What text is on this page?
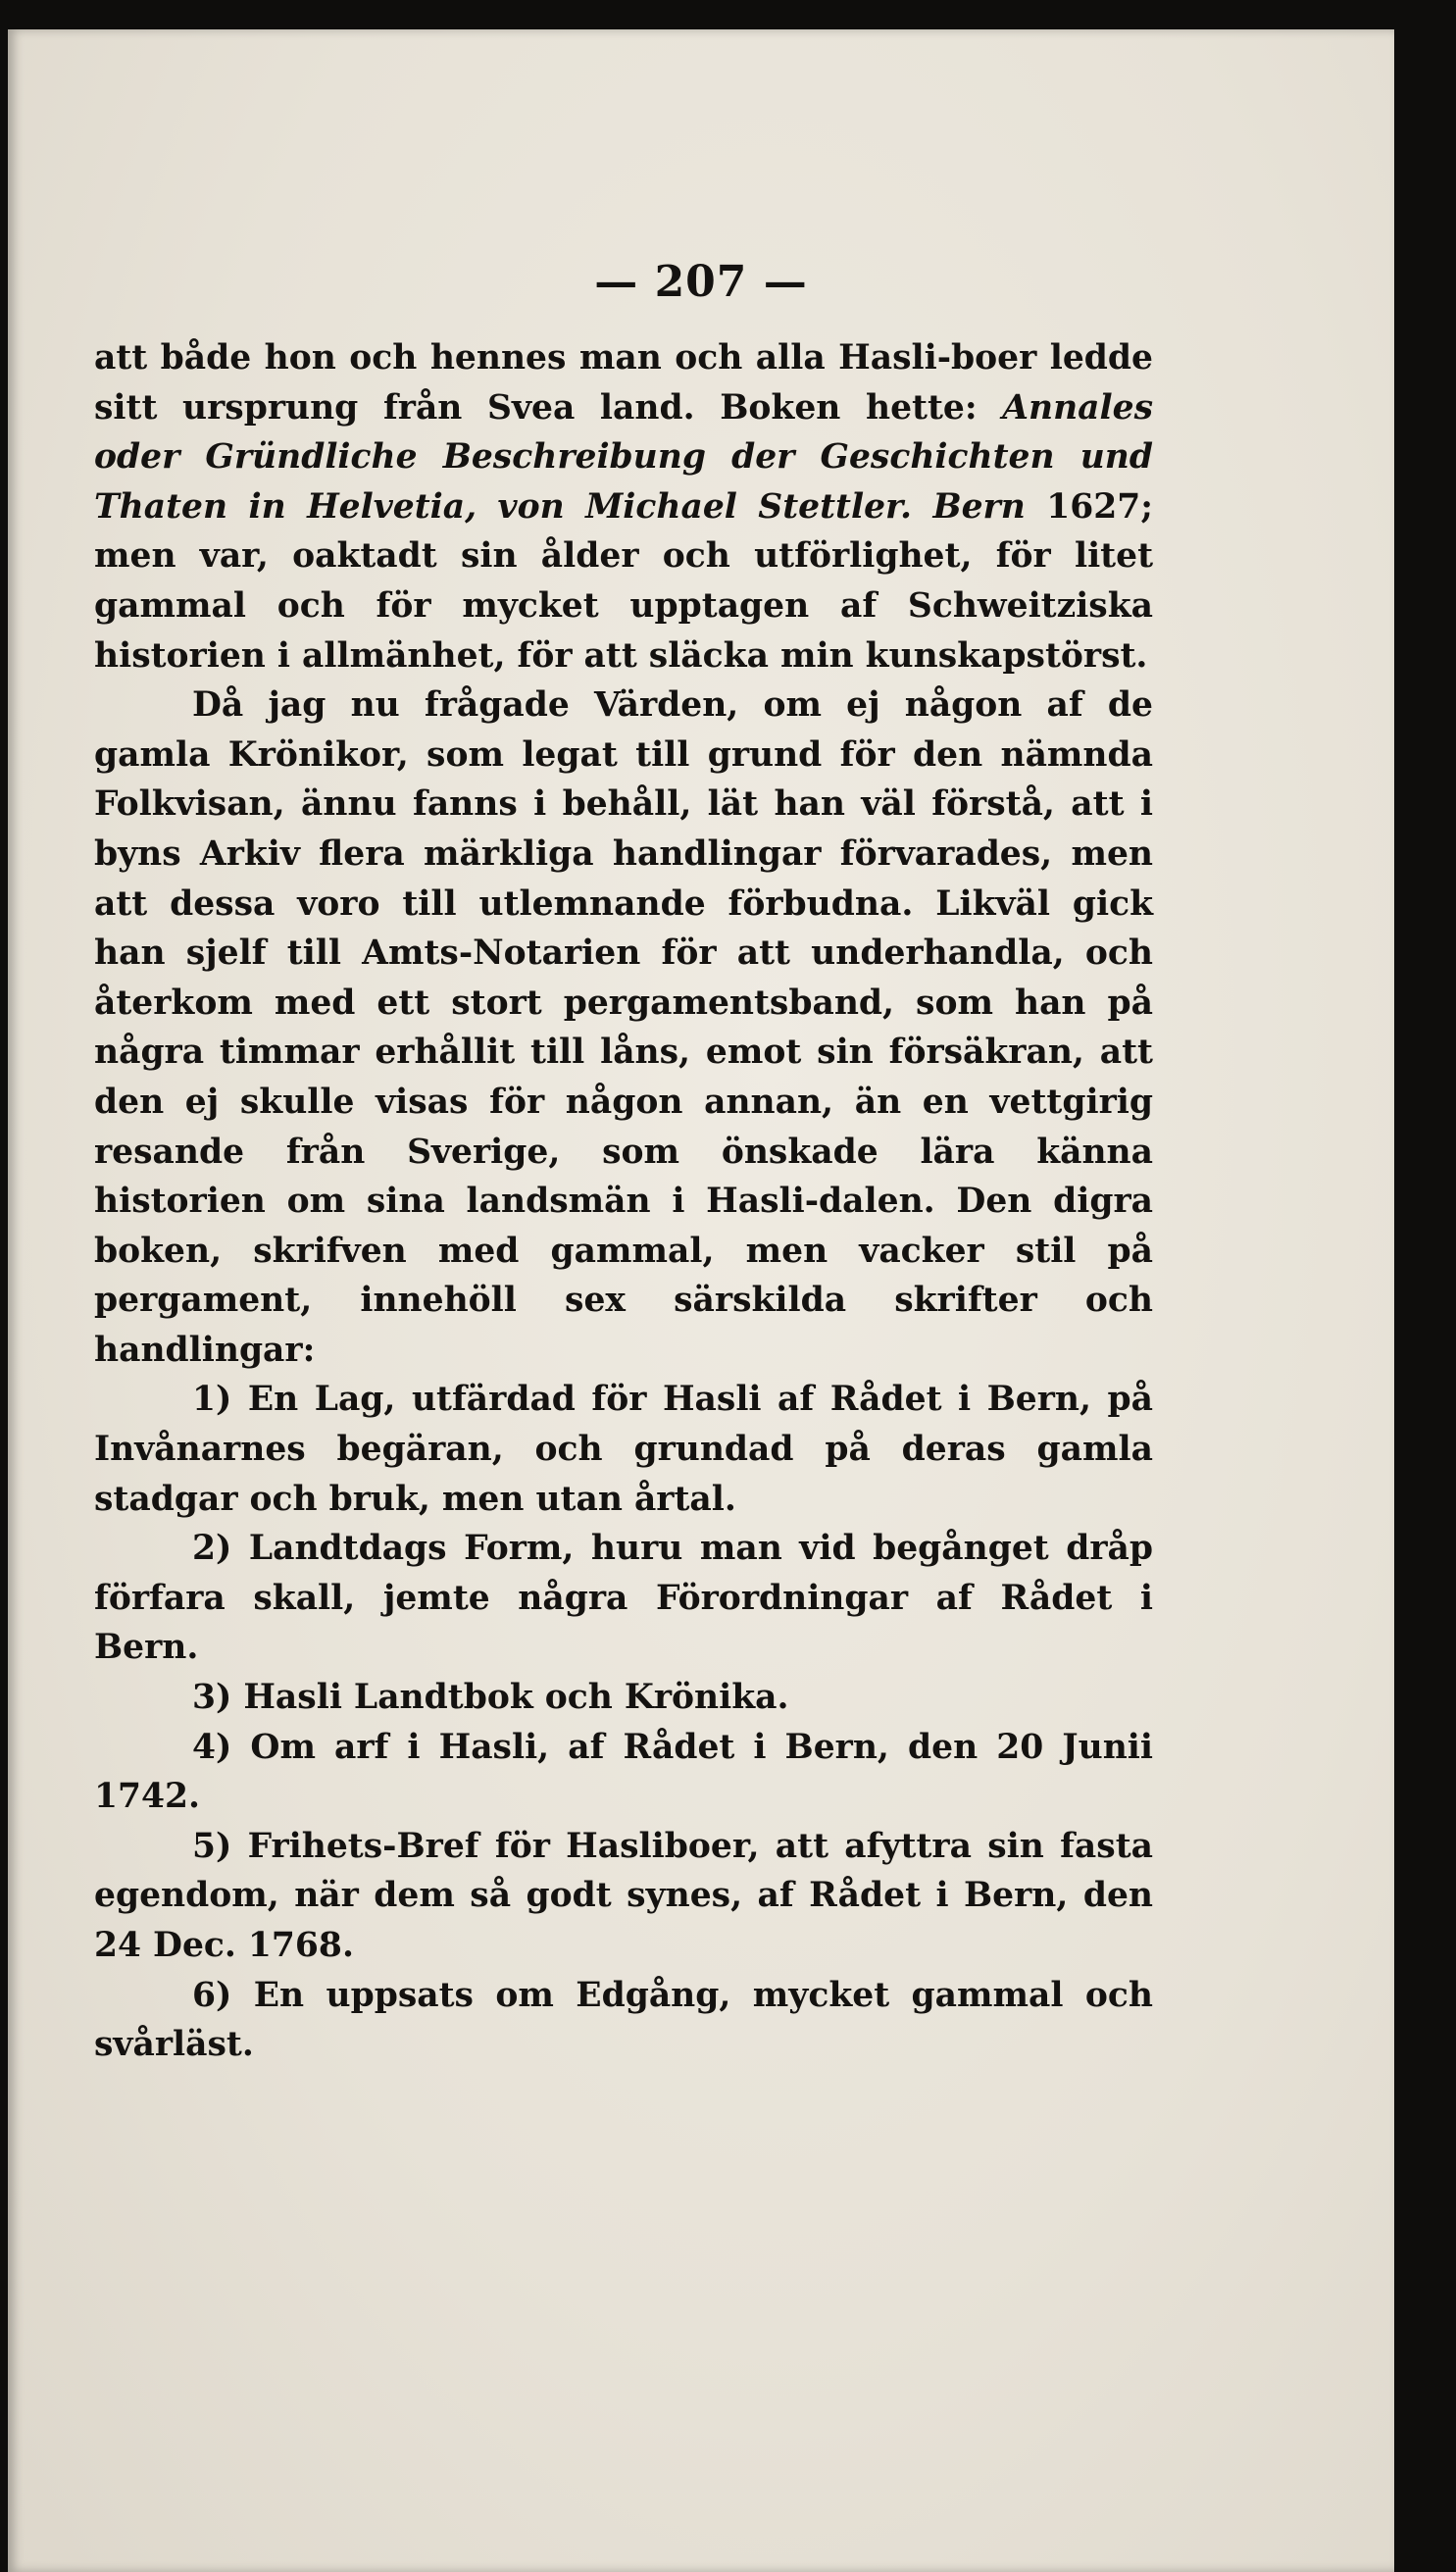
— 207 —

att både hon och hennes man och alla Hasli-boer ledde sitt ursprung från Svea land. Boken hette: Annales oder Gründliche Beschreibung der Geschichten und Thaten in Helvetia, von Michael Stettler. Bern 1627; men var, oaktadt sin ålder och utförlighet, för litet gammal och för mycket upptagen af Schweitziska historien i allmänhet, för att släcka min kunskapstörst.

Då jag nu frågade Värden, om ej någon af de gamla Krönikor, som legat till grund för den nämnda Folkvisan, ännu fanns i behåll, lät han väl förstå, att i byns Arkiv flera märkliga handlingar förvarades, men att dessa voro till utlemnande förbudna. Likväl gick han sjelf till Amts-Notarien för att underhandla, och återkom med ett stort pergamentsband, som han på några timmar erhållit till låns, emot sin försäkran, att den ej skulle visas för någon annan, än en vettgirig resande från Sverige, som önskade lära känna historien om sina landsmän i Hasli-dalen. Den digra boken, skrifven med gammal, men vacker stil på pergament, innehöll sex särskilda skrifter och handlingar:

1) En Lag, utfärdad för Hasli af Rådet i Bern, på Invånarnes begäran, och grundad på deras gamla stadgar och bruk, men utan årtal.

2) Landtdags Form, huru man vid begånget dråp förfara skall, jemte några Förordningar af Rådet i Bern.

3) Hasli Landtbok och Krönika.

4) Om arf i Hasli, af Rådet i Bern, den 20 Junii 1742.

5) Frihets-Bref för Hasliboer, att afyttra sin fasta egendom, när dem så godt synes, af Rådet i Bern, den 24 Dec. 1768.

6) En uppsats om Edgång, mycket gammal och svårläst.
